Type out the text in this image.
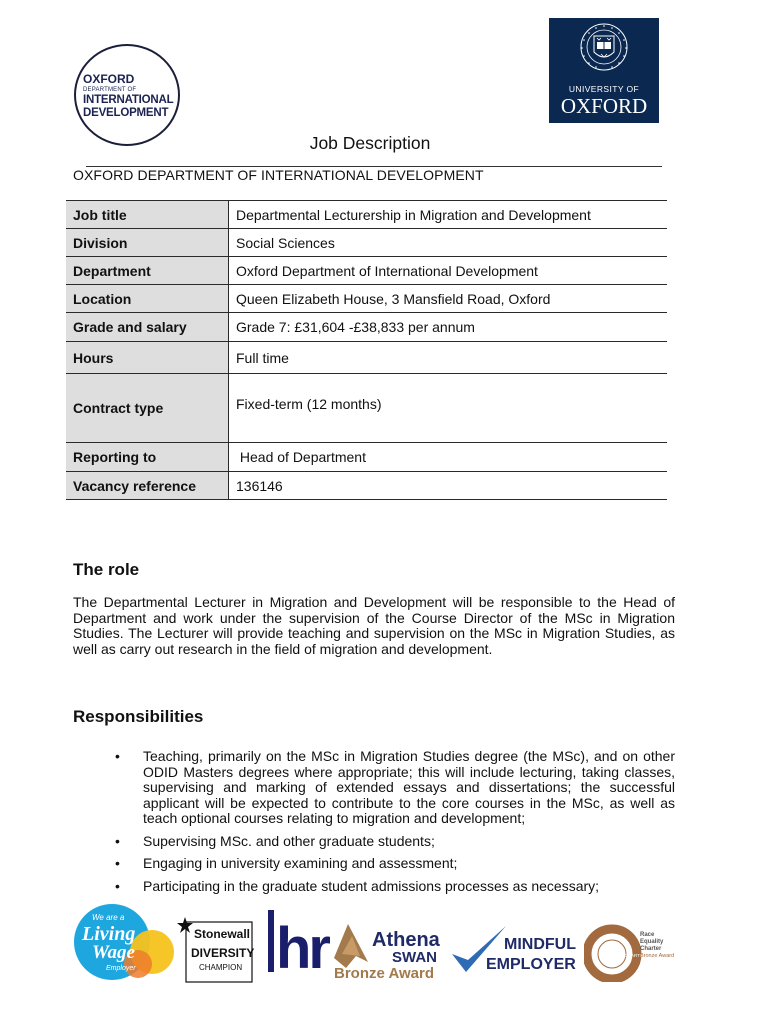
OXFORD
DEPARTMENT OF
INTERNATIONAL
DEVELOPMENT
UNIVERSITY OF
OXFORD
Job Description
OXFORD DEPARTMENT OF INTERNATIONAL DEVELOPMENT
Job title	Departmental Lecturership in Migration and Development
Division	Social Sciences
Department	Oxford Department of International Development
Location	Queen Elizabeth House, 3 Mansfield Road, Oxford
Grade and salary	Grade 7: £31,604 -£38,833 per annum
Hours	Full time
Contract type	Fixed-term (12 months)
Reporting to	Head of Department
Vacancy reference	136146
The role

The Departmental Lecturer in Migration and Development will be responsible to the Head of Department and work under the supervision of the Course Director of the MSc in Migration Studies. The Lecturer will provide teaching and supervision on the MSc in Migration Studies, as well as carry out research in the field of migration and development.

Responsibilities
• Teaching, primarily on the MSc in Migration Studies degree (the MSc), and on other ODID Masters degrees where appropriate; this will include lecturing, taking classes, supervising and marking of extended essays and dissertations; the successful applicant will be expected to contribute to the core courses in the MSc, as well as teach optional courses relating to migration and development;
• Supervising MSc. and other graduate students;
• Engaging in university examining and assessment;
• Participating in the graduate student admissions processes as necessary;
We are a
Living
Wage
Employer
Stonewall
DIVERSITY
CHAMPION hr Athena
SWAN
Bronze Award
MINDFUL
EMPLOYER
ECU RACE CHARTER
Race
Equality
Charter
Bronze Award
